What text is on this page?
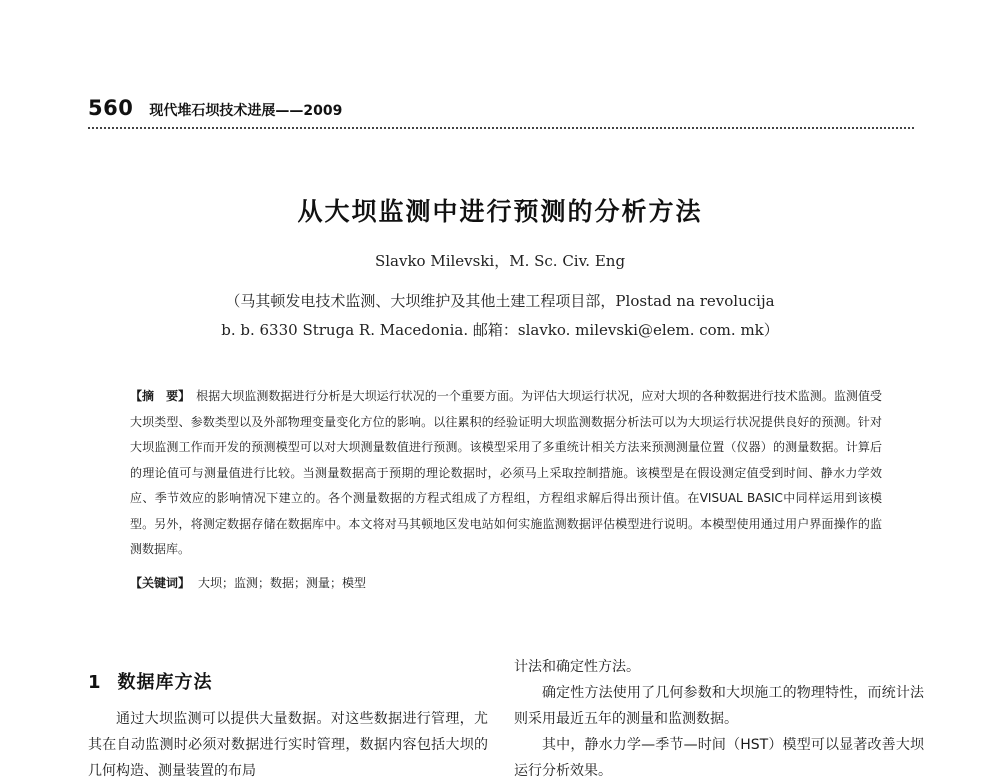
560 现代堆石坝技术进展——2009
从大坝监测中进行预测的分析方法
Slavko Milevski，M. Sc. Civ. Eng
（马其顿发电技术监测、大坝维护及其他土建工程项目部，Plostad na revolucija
b. b. 6330 Struga R. Macedonia. 邮箱：slavko. milevski@elem. com. mk）
【摘　要】 根据大坝监测数据进行分析是大坝运行状况的一个重要方面。为评估大坝运行状况，应对大坝的各种数据进行技术监测。监测值受大坝类型、参数类型以及外部物理变量变化方位的影响。以往累积的经验证明大坝监测数据分析法可以为大坝运行状况提供良好的预测。针对大坝监测工作而开发的预测模型可以对大坝测量数值进行预测。该模型采用了多重统计相关方法来预测测量位置（仪器）的测量数据。计算后的理论值可与测量值进行比较。当测量数据高于预期的理论数据时，必须马上采取控制措施。该模型是在假设测定值受到时间、静水力学效应、季节效应的影响情况下建立的。各个测量数据的方程式组成了方程组，方程组求解后得出预计值。在VISUAL BASIC中同样运用到该模型。另外，将测定数据存储在数据库中。本文将对马其顿地区发电站如何实施监测数据评估模型进行说明。本模型使用通过用户界面操作的监测数据库。
【关键词】 大坝；监测；数据；测量；模型
1 数据库方法

通过大坝监测可以提供大量数据。对这些数据进行管理，尤其在自动监测时必须对数据进行实时管理，数据内容包括大坝的几何构造、测量装置的布局

计法和确定性方法。

确定性方法使用了几何参数和大坝施工的物理特性，而统计法则采用最近五年的测量和监测数据。

其中，静水力学—季节—时间（HST）模型可以显著改善大坝运行分析效果。
